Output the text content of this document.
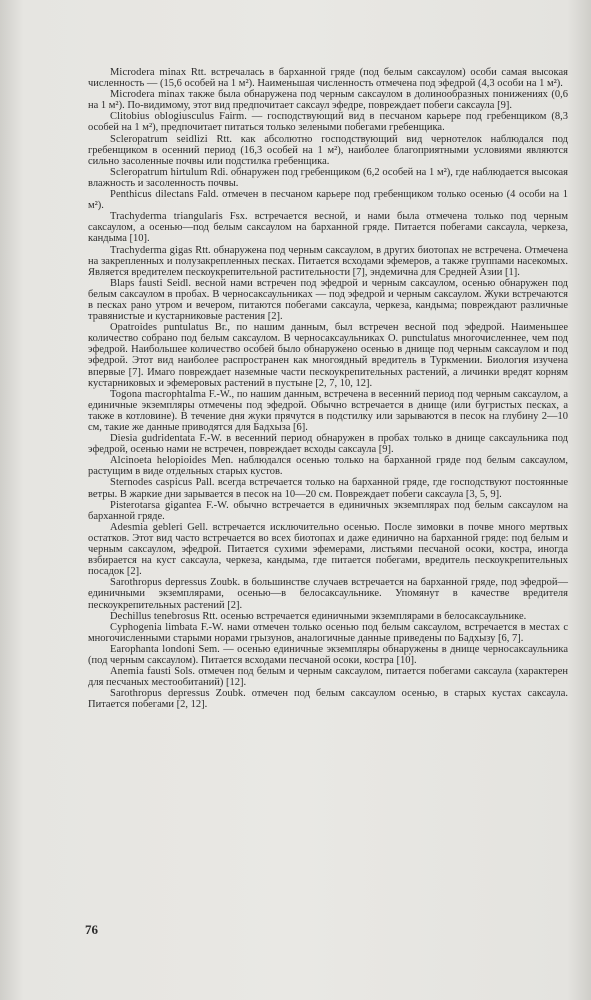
Microdera minax Rtt. встречалась в барханной гряде (под белым саксаулом) особи самая высокая численность — (15,6 особей на 1 м²). Наименьшая численность отмечена под эфедрой (4,3 особи на 1 м²).

Microdera minax также была обнаружена под черным саксаулом в долинообразных понижениях (0,6 на 1 м²). По-видимому, этот вид предпочитает саксаул эфедре, повреждает побеги саксаула [9].

Clitobius oblogiusculus Fairm. — господствующий вид в песчаном карьере под гребенщиком (8,3 особей на 1 м²), предпочитает питаться только зелеными побегами гребенщика.

Scleropatrum seidlizi Rtt. как абсолютно господствующий вид чернотелок наблюдался под гребенщиком в осенний период (16,3 особей на 1 м²), наиболее благоприятными условиями являются сильно засоленные почвы или подстилка гребенщика.

Scleropatrum hirtulum Rdi. обнаружен под гребенщиком (6,2 особей на 1 м²), где наблюдается высокая влажность и засоленность почвы.

Penthicus dilectans Fald. отмечен в песчаном карьере под гребенщиком только осенью (4 особи на 1 м²).

Trachyderma triangularis Fsx. встречается весной, и нами была отмечена только под черным саксаулом, а осенью—под белым саксаулом на барханной гряде. Питается побегами саксаула, черкеза, кандыма [10].

Trachyderma gigas Rtt. обнаружена под черным саксаулом, в других биотопах не встречена. Отмечена на закрепленных и полузакрепленных песках. Питается всходами эфемеров, а также группами насекомых. Является вредителем пескоукрепительной растительности [7], эндемична для Средней Азии [1].

Blaps fausti Seidl. весной нами встречен под эфедрой и черным саксаулом, осенью обнаружен под белым саксаулом в пробах. В черносаксаульниках — под эфедрой и черным саксаулом. Жуки встречаются в песках рано утром и вечером, питаются побегами саксаула, черкеза, кандыма; повреждают различные травянистые и кустарниковые растения [2].

Opatroides puntulatus Br., по нашим данным, был встречен весной под эфедрой. Наименьшее количество собрано под белым саксаулом. В черносаксаульниках O. punctulatus многочисленнее, чем под эфедрой. Наибольшее количество особей было обнаружено осенью в днище под черным саксаулом и под эфедрой. Этот вид наиболее распространен как многоядный вредитель в Туркмении. Биология изучена впервые [7]. Имаго повреждает наземные части пескоукрепительных растений, а личинки вредят корням кустарниковых и эфемеровых растений в пустыне [2, 7, 10, 12].

Togona macrophtalma F.-W., по нашим данным, встречена в весенний период под черным саксаулом, а единичные экземпляры отмечены под эфедрой. Обычно встречается в днище (или бугристых песках, а также в котловине). В течение дня жуки прячутся в подстилку или зарываются в песок на глубину 2—10 см, такие же данные приводятся для Бадхыза [6].

Diesia gudridentata F.-W. в весенний период обнаружен в пробах только в днище саксаульника под эфедрой, осенью нами не встречен, повреждает всходы саксаула [9].

Alcinoeta helopioides Men. наблюдался осенью только на барханной гряде под белым саксаулом, растущим в виде отдельных старых кустов.

Sternodes caspicus Pall. всегда встречается только на барханной гряде, где господствуют постоянные ветры. В жаркие дни зарывается в песок на 10—20 см. Повреждает побеги саксаула [3, 5, 9].

Pisterotarsa gigantea F.-W. обычно встречается в единичных экземплярах под белым саксаулом на барханной гряде.

Adesmia gebleri Gell. встречается исключительно осенью. После зимовки в почве много мертвых остатков. Этот вид часто встречается во всех биотопах и даже единично на барханной гряде: под белым и черным саксаулом, эфедрой. Питается сухими эфемерами, листьями песчаной осоки, костра, иногда взбирается на куст саксаула, черкеза, кандыма, где питается побегами, вредитель пескоукрепительных посадок [2].

Sarothropus depressus Zoubk. в большинстве случаев встречается на барханной гряде, под эфедрой—единичными экземплярами, осенью—в белосаксаульнике. Упомянут в качестве вредителя пескоукрепительных растений [2].

Dechillus tenebrosus Rtt. осенью встречается единичными экземплярами в белосаксаульнике.

Cyphogenia limbata F.-W. нами отмечен только осенью под белым саксаулом, встречается в местах с многочисленными старыми норами грызунов, аналогичные данные приведены по Бадхызу [6, 7].

Earophanta londoni Sem. — осенью единичные экземпляры обнаружены в днище черносаксаульника (под черным саксаулом). Питается всходами песчаной осоки, костра [10].

Anemia fausti Sols. отмечен под белым и черным саксаулом, питается побегами саксаула (характерен для песчаных местообитаний) [12].

Sarothropus depressus Zoubk. отмечен под белым саксаулом осенью, в старых кустах саксаула. Питается побегами [2, 12].

76
